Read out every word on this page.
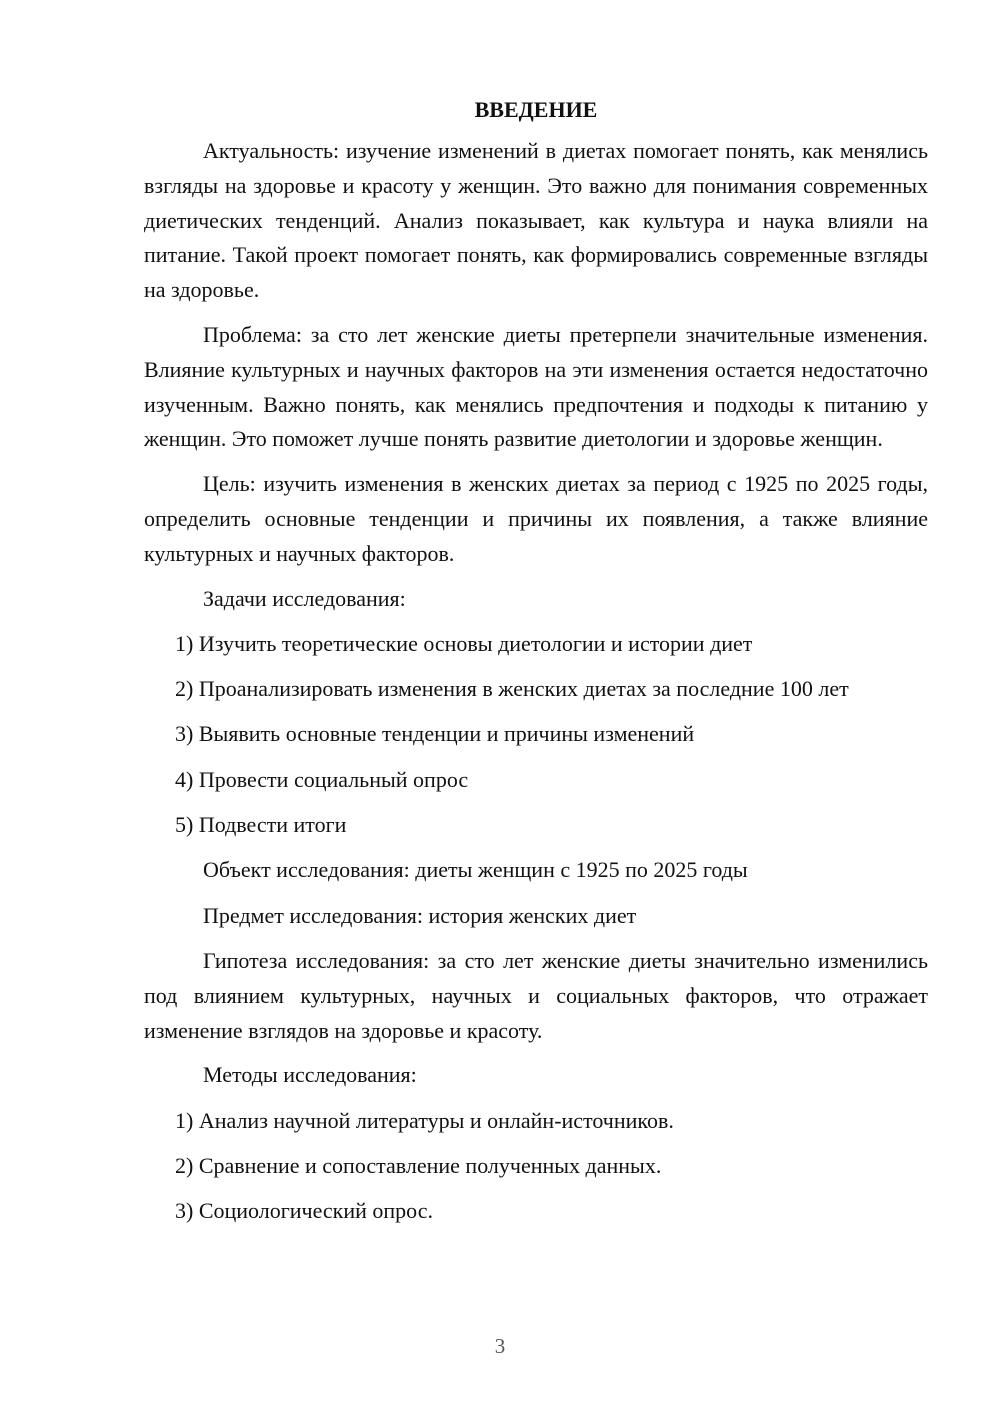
ВВЕДЕНИЕ

Актуальность: изучение изменений в диетах помогает понять, как менялись взгляды на здоровье и красоту у женщин. Это важно для понимания современных диетических тенденций. Анализ показывает, как культура и наука влияли на питание. Такой проект помогает понять, как формировались современные взгляды на здоровье.

Проблема: за сто лет женские диеты претерпели значительные изменения. Влияние культурных и научных факторов на эти изменения остается недостаточно изученным. Важно понять, как менялись предпочтения и подходы к питанию у женщин. Это поможет лучше понять развитие диетологии и здоровье женщин.

Цель: изучить изменения в женских диетах за период с 1925 по 2025 годы, определить основные тенденции и причины их появления, а также влияние культурных и научных факторов.

Задачи исследования:
1) Изучить теоретические основы диетологии и истории диет
2) Проанализировать изменения в женских диетах за последние 100 лет
3) Выявить основные тенденции и причины изменений
4) Провести социальный опрос
5) Подвести итоги
Объект исследования: диеты женщин с 1925 по 2025 годы
Предмет исследования: история женских диет

Гипотеза исследования: за сто лет женские диеты значительно изменились под влиянием культурных, научных и социальных факторов, что отражает изменение взглядов на здоровье и красоту.

Методы исследования:
1) Анализ научной литературы и онлайн-источников.
2) Сравнение и сопоставление полученных данных.
3) Социологический опрос.
3
